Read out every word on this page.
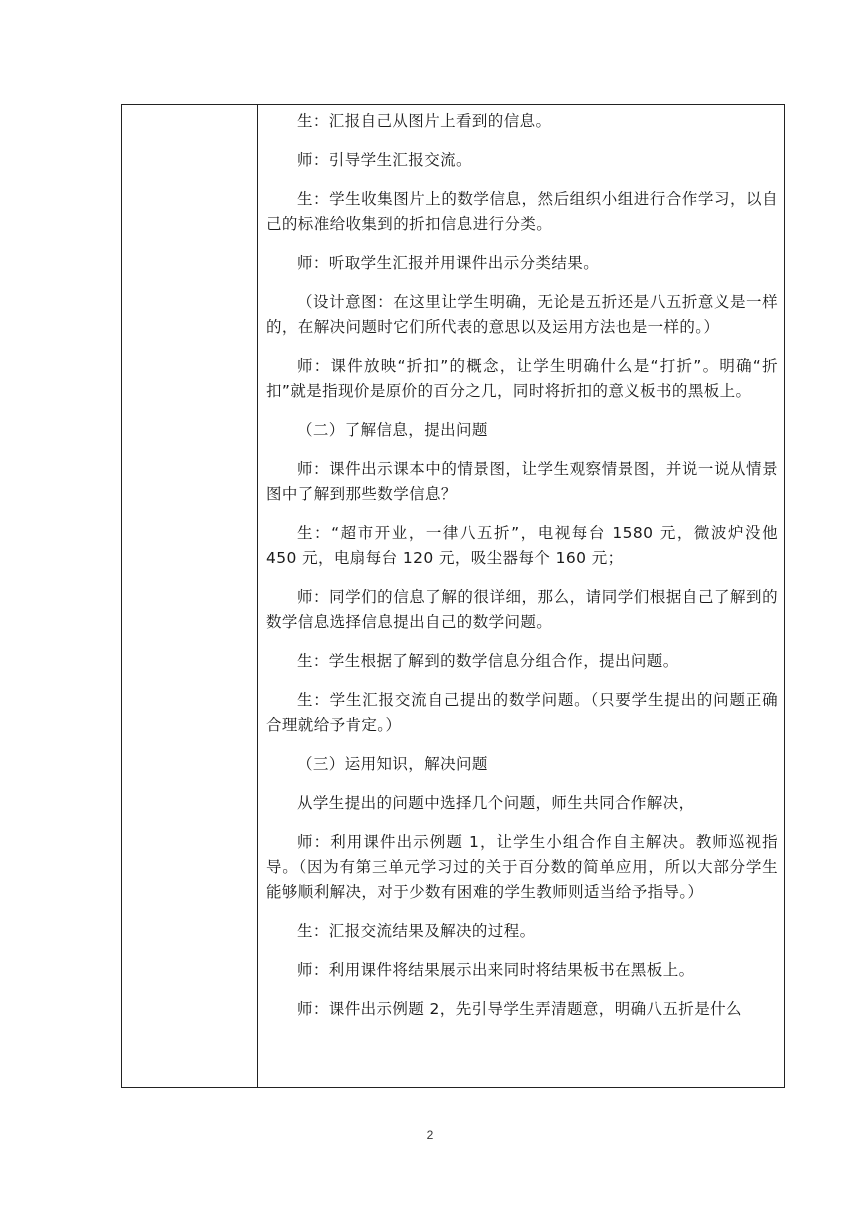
生：汇报自己从图片上看到的信息。

师：引导学生汇报交流。

生：学生收集图片上的数学信息，然后组织小组进行合作学习，以自己的标准给收集到的折扣信息进行分类。

师：听取学生汇报并用课件出示分类结果。

（设计意图：在这里让学生明确，无论是五折还是八五折意义是一样的，在解决问题时它们所代表的意思以及运用方法也是一样的。）

师：课件放映“折扣”的概念，让学生明确什么是“打折”。明确“折扣”就是指现价是原价的百分之几，同时将折扣的意义板书的黑板上。

（二）了解信息，提出问题

师：课件出示课本中的情景图，让学生观察情景图，并说一说从情景图中了解到那些数学信息？

生：“超市开业，一律八五折”，电视每台 1580 元，微波炉没他 450 元，电扇每台 120 元，吸尘器每个 160 元；

师：同学们的信息了解的很详细，那么，请同学们根据自己了解到的数学信息选择信息提出自己的数学问题。

生：学生根据了解到的数学信息分组合作，提出问题。

生：学生汇报交流自己提出的数学问题。（只要学生提出的问题正确合理就给予肯定。）

（三）运用知识，解决问题

从学生提出的问题中选择几个问题，师生共同合作解决，

师：利用课件出示例题 1，让学生小组合作自主解决。教师巡视指导。（因为有第三单元学习过的关于百分数的简单应用，所以大部分学生能够顺利解决，对于少数有困难的学生教师则适当给予指导。）

生：汇报交流结果及解决的过程。

师：利用课件将结果展示出来同时将结果板书在黑板上。

师：课件出示例题 2，先引导学生弄清题意，明确八五折是什么

2
